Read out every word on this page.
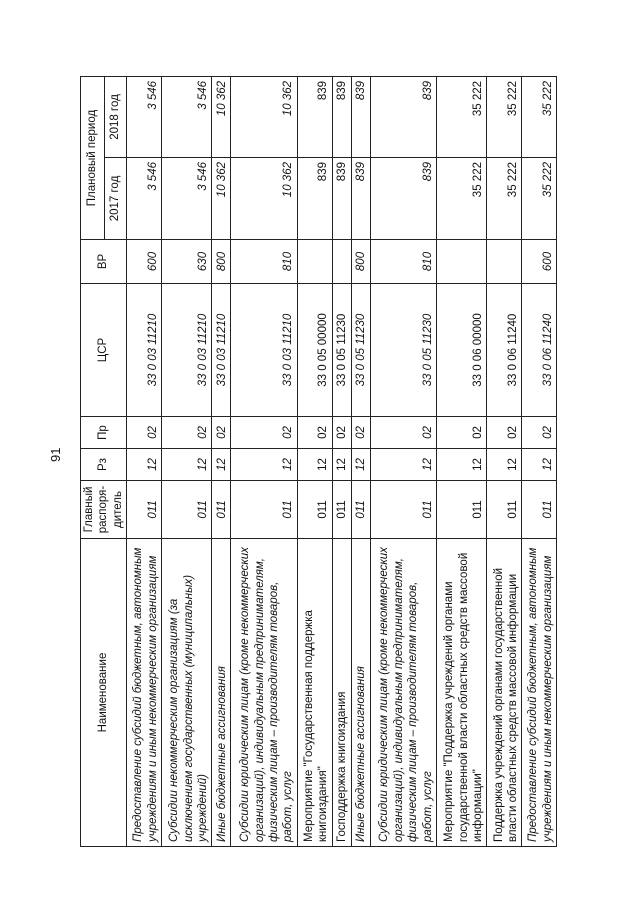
91
Наименование	Главный распоря-дитель	Рз	Пр	ЦСР	ВР	Плановый период	
						2017 год	2018 год
Предоставление субсидий бюджетным, автономным учреждениям и иным некоммерческим организациям	011	12	02	33 0 03 11210	600	3 546	3 546
Субсидии некоммерческим организациям (за исключением государственных (муниципальных) учреждений)	011	12	02	33 0 03 11210	630	3 546	3 546
Иные бюджетные ассигнования	011	12	02	33 0 03 11210	800	10 362	10 362
Субсидии юридическим лицам (кроме некоммерческих организаций), индивидуальным предпринимателям, физическим лицам – производителям товаров, работ, услуг	011	12	02	33 0 03 11210	810	10 362	10 362
Мероприятие "Государственная поддержка книгоиздания"	011	12	02	33 0 05 00000		839	839
Господдержка книгоиздания	011	12	02	33 0 05 11230		839	839
Иные бюджетные ассигнования	011	12	02	33 0 05 11230	800	839	839
Субсидии юридическим лицам (кроме некоммерческих организаций), индивидуальным предпринимателям, физическим лицам – производителям товаров, работ, услуг	011	12	02	33 0 05 11230	810	839	839
Мероприятие "Поддержка учреждений органами государственной власти областных средств массовой информации"	011	12	02	33 0 06 00000		35 222	35 222
Поддержка учреждений органами государственной власти областных средств массовой информации	011	12	02	33 0 06 11240		35 222	35 222
Предоставление субсидий бюджетным, автономным учреждениям и иным некоммерческим организациям	011	12	02	33 0 06 11240	600	35 222	35 222
